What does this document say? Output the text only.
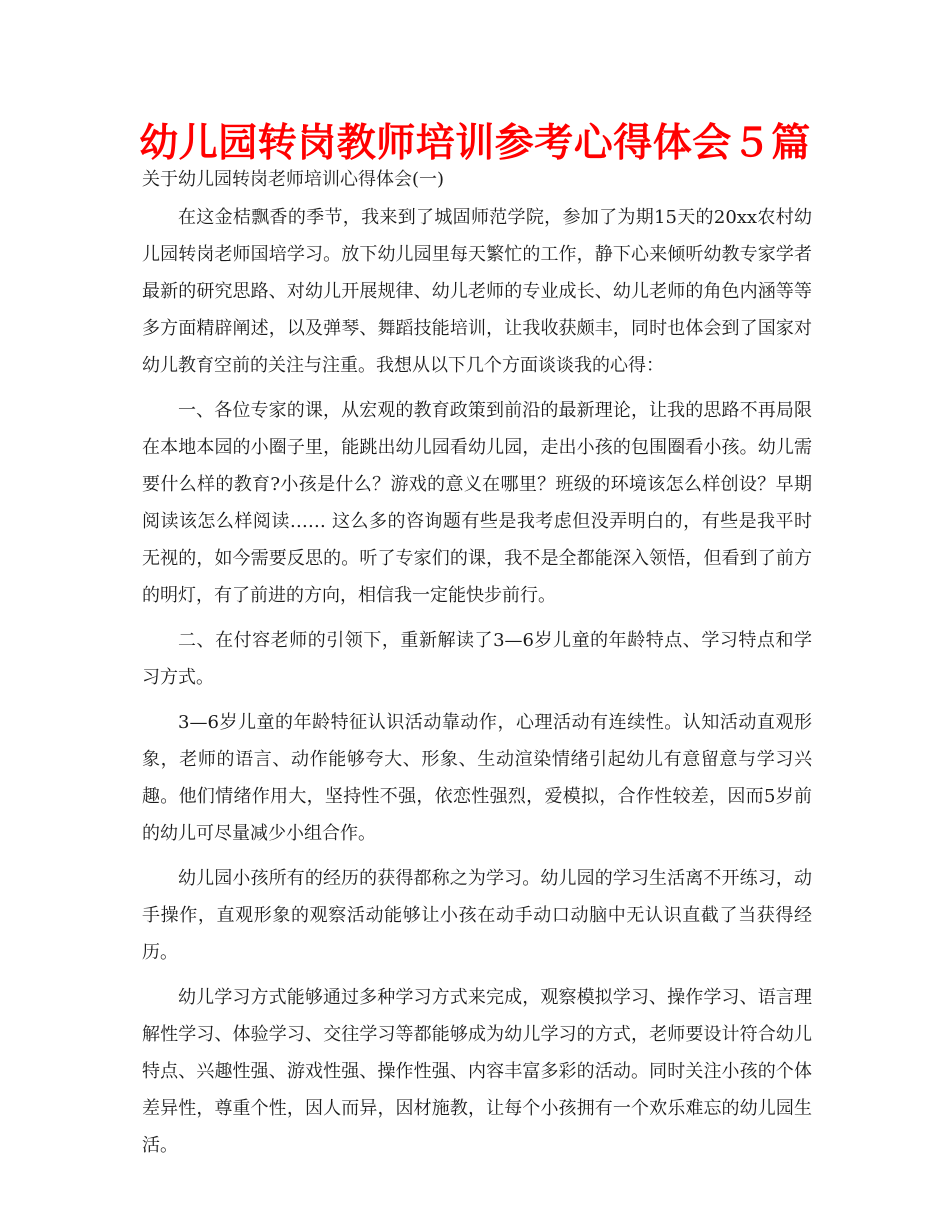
幼儿园转岗教师培训参考心得体会５篇

关于幼儿园转岗老师培训心得体会(一)

在这金桔飘香的季节，我来到了城固师范学院，参加了为期15天的20xx农村幼儿园转岗老师国培学习。放下幼儿园里每天繁忙的工作，静下心来倾听幼教专家学者最新的研究思路、对幼儿开展规律、幼儿老师的专业成长、幼儿老师的角色内涵等等多方面精辟阐述，以及弹琴、舞蹈技能培训，让我收获颇丰，同时也体会到了国家对幼儿教育空前的关注与注重。我想从以下几个方面谈谈我的心得：

一、各位专家的课，从宏观的教育政策到前沿的最新理论，让我的思路不再局限在本地本园的小圈子里，能跳出幼儿园看幼儿园，走出小孩的包围圈看小孩。幼儿需要什么样的教育?小孩是什么？游戏的意义在哪里？班级的环境该怎么样创设？早期阅读该怎么样阅读…… 这么多的咨询题有些是我考虑但没弄明白的，有些是我平时无视的，如今需要反思的。听了专家们的课，我不是全都能深入领悟，但看到了前方的明灯，有了前进的方向，相信我一定能快步前行。

二、在付容老师的引领下，重新解读了3—6岁儿童的年龄特点、学习特点和学习方式。

3—6岁儿童的年龄特征认识活动靠动作，心理活动有连续性。认知活动直观形象，老师的语言、动作能够夸大、形象、生动渲染情绪引起幼儿有意留意与学习兴趣。他们情绪作用大，坚持性不强，依恋性强烈，爱模拟，合作性较差，因而5岁前的幼儿可尽量减少小组合作。

幼儿园小孩所有的经历的获得都称之为学习。幼儿园的学习生活离不开练习，动手操作，直观形象的观察活动能够让小孩在动手动口动脑中无认识直截了当获得经历。

幼儿学习方式能够通过多种学习方式来完成，观察模拟学习、操作学习、语言理解性学习、体验学习、交往学习等都能够成为幼儿学习的方式，老师要设计符合幼儿特点、兴趣性强、游戏性强、操作性强、内容丰富多彩的活动。同时关注小孩的个体差异性，尊重个性，因人而异，因材施教，让每个小孩拥有一个欢乐难忘的幼儿园生活。
